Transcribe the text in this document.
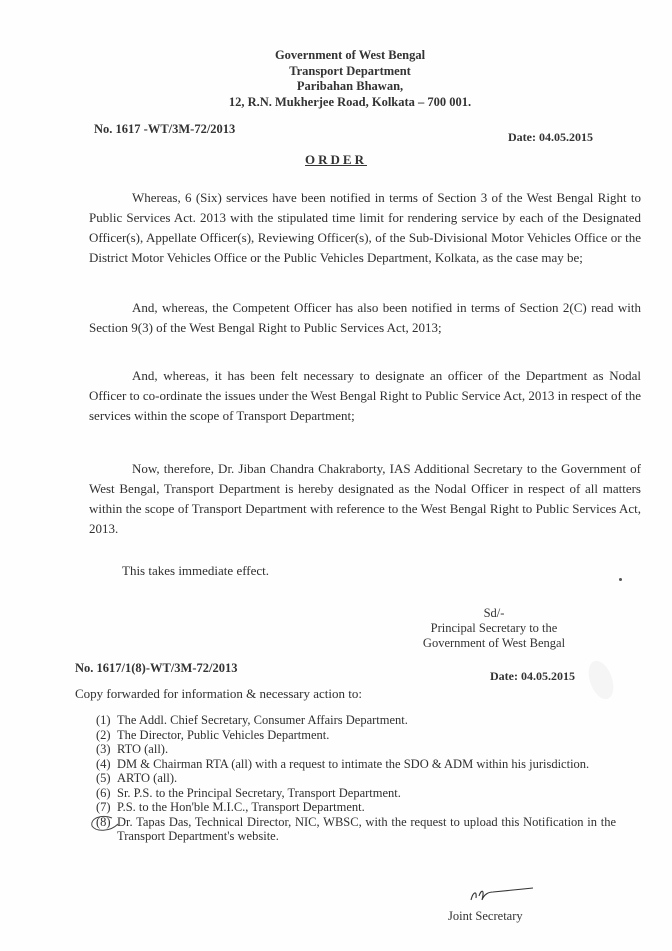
Government of West Bengal
Transport Department
Paribahan Bhawan,
12, R.N. Mukherjee Road, Kolkata – 700 001.
No. 1617 -WT/3M-72/2013
Date: 04.05.2015
ORDER
Whereas, 6 (Six) services have been notified in terms of Section 3 of the West Bengal Right to Public Services Act. 2013 with the stipulated time limit for rendering service by each of the Designated Officer(s), Appellate Officer(s), Reviewing Officer(s), of the Sub-Divisional Motor Vehicles Office or the District Motor Vehicles Office or the Public Vehicles Department, Kolkata, as the case may be;
And, whereas, the Competent Officer has also been notified in terms of Section 2(C) read with Section 9(3) of the West Bengal Right to Public Services Act, 2013;
And, whereas, it has been felt necessary to designate an officer of the Department as Nodal Officer to co-ordinate the issues under the West Bengal Right to Public Service Act, 2013 in respect of the services within the scope of Transport Department;
Now, therefore, Dr. Jiban Chandra Chakraborty, IAS Additional Secretary to the Government of West Bengal, Transport Department is hereby designated as the Nodal Officer in respect of all matters within the scope of Transport Department with reference to the West Bengal Right to Public Services Act, 2013.
This takes immediate effect.
Sd/-
Principal Secretary to the
Government of West Bengal
No. 1617/1(8)-WT/3M-72/2013
Date: 04.05.2015
Copy forwarded for information & necessary action to:
(1) The Addl. Chief Secretary, Consumer Affairs Department.
(2) The Director, Public Vehicles Department.
(3) RTO (all).
(4) DM & Chairman RTA (all) with a request to intimate the SDO & ADM within his jurisdiction.
(5) ARTO (all).
(6) Sr. P.S. to the Principal Secretary, Transport Department.
(7) P.S. to the Hon'ble M.I.C., Transport Department.
(8) Dr. Tapas Das, Technical Director, NIC, WBSC, with the request to upload this Notification in the Transport Department's website.
Joint Secretary
